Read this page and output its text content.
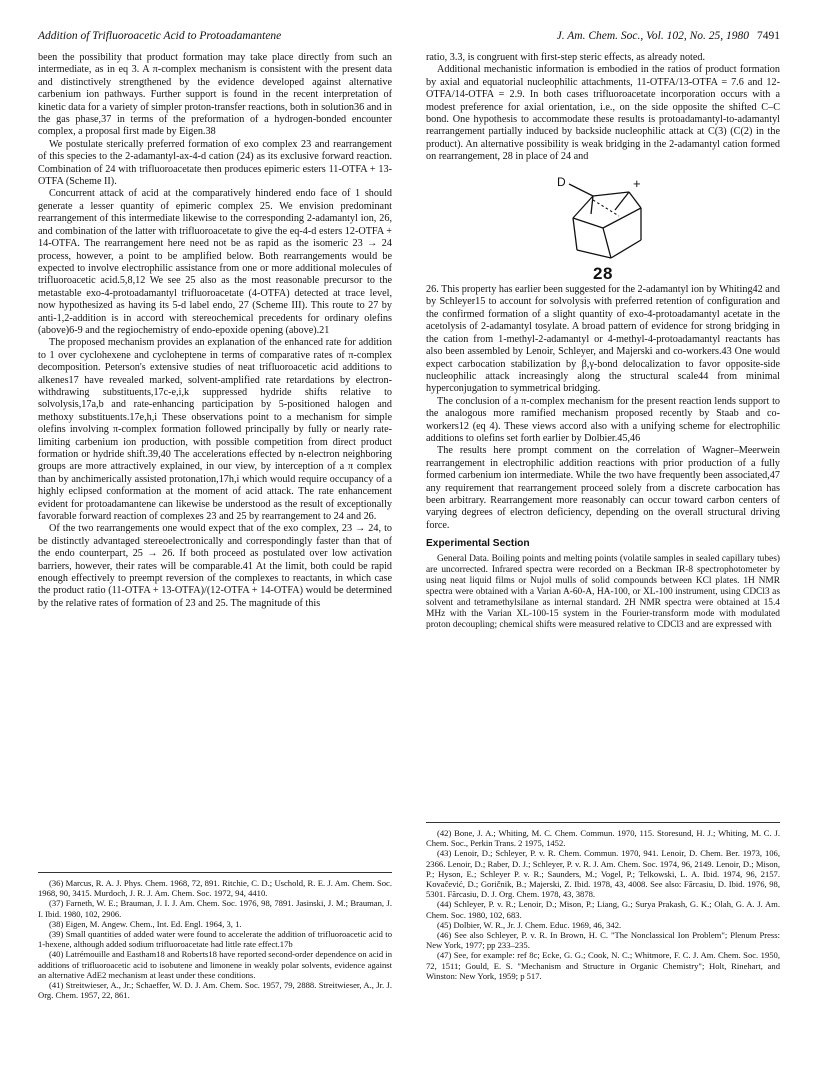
Addition of Trifluoroacetic Acid to Protoadamantene	J. Am. Chem. Soc., Vol. 102, No. 25, 1980 7491

been the possibility that product formation may take place directly from such an intermediate, as in eq 3. A π-complex mechanism is consistent with the present data and distinctively strengthened by the evidence developed against alternative carbenium ion pathways. Further support is found in the recent interpretation of kinetic data for a variety of simpler proton-transfer reactions, both in solution36 and in the gas phase,37 in terms of the preformation of a hydrogen-bonded encounter complex, a proposal first made by Eigen.38

We postulate sterically preferred formation of exo complex 23 and rearrangement of this species to the 2-adamantyl-ax-4-d cation (24) as its exclusive forward reaction. Combination of 24 with trifluoroacetate then produces epimeric esters 11-OTFA + 13-OTFA (Scheme II).

Concurrent attack of acid at the comparatively hindered endo face of 1 should generate a lesser quantity of epimeric complex 25. We envision predominant rearrangement of this intermediate likewise to the corresponding 2-adamantyl ion, 26, and combination of the latter with trifluoroacetate to give the eq-4-d esters 12-OTFA + 14-OTFA. The rearrangement here need not be as rapid as the isomeric 23 → 24 process, however, a point to be amplified below. Both rearrangements would be expected to involve electrophilic assistance from one or more additional molecules of trifluoroacetic acid.5,8,12 We see 25 also as the most reasonable precursor to the metastable exo-4-protoadamantyl trifluoroacetate (4-OTFA) detected at trace level, now hypothesized as having its 5-d label endo, 27 (Scheme III). This route to 27 by anti-1,2-addition is in accord with stereochemical precedents for ordinary olefins (above)6-9 and the regiochemistry of endo-epoxide opening (above).21

The proposed mechanism provides an explanation of the enhanced rate for addition to 1 over cyclohexene and cycloheptene in terms of comparative rates of π-complex decomposition. Peterson's extensive studies of neat trifluoroacetic acid additions to alkenes17 have revealed marked, solvent-amplified rate retardations by electron-withdrawing substituents,17c-e,i,k suppressed hydride shifts relative to solvolysis,17a,b and rate-enhancing participation by 5-positioned halogen and methoxy substituents.17e,h,i These observations point to a mechanism for simple olefins involving π-complex formation followed principally by fully or nearly rate-limiting carbenium ion production, with possible competition from direct product formation or hydride shift.39,40 The accelerations effected by n-electron neighboring groups are more attractively explained, in our view, by interception of a π complex than by anchimerically assisted protonation,17h,i which would require occupancy of a highly eclipsed conformation at the moment of acid attack. The rate enhancement evident for protoadamantene can likewise be understood as the result of exceptionally favorable forward reaction of complexes 23 and 25 by rearrangement to 24 and 26.

Of the two rearrangements one would expect that of the exo complex, 23 → 24, to be distinctly advantaged stereoelectronically and correspondingly faster than that of the endo counterpart, 25 → 26. If both proceed as postulated over low activation barriers, however, their rates will be comparable.41 At the limit, both could be rapid enough effectively to preempt reversion of the complexes to reactants, in which case the product ratio (11-OTFA + 13-OTFA)/(12-OTFA + 14-OTFA) would be determined by the relative rates of formation of 23 and 25. The magnitude of this

ratio, 3.3, is congruent with first-step steric effects, as already noted.

Additional mechanistic information is embodied in the ratios of product formation by axial and equatorial nucleophilic attachments, 11-OTFA/13-OTFA = 7.6 and 12-OTFA/14-OTFA = 2.9. In both cases trifluoroacetate incorporation occurs with a modest preference for axial orientation, i.e., on the side opposite the shifted C–C bond. One hypothesis to accommodate these results is protoadamantyl-to-adamantyl rearrangement partially induced by backside nucleophilic attack at C(3) (C(2) in the product). An alternative possibility is weak bridging in the 2-adamantyl cation formed on rearrangement, 28 in place of 24 and

D	+
28

26. This property has earlier been suggested for the 2-adamantyl ion by Whiting42 and by Schleyer15 to account for solvolysis with preferred retention of configuration and the confirmed formation of a slight quantity of exo-4-protoadamantyl acetate in the acetolysis of 2-adamantyl tosylate. A broad pattern of evidence for strong bridging in the cation from 1-methyl-2-adamantyl or 4-methyl-4-protoadamantyl reactants has also been assembled by Lenoir, Schleyer, and Majerski and co-workers.43 One would expect carbocation stabilization by β,γ-bond delocalization to favor opposite-side nucleophilic attack increasingly along the structural scale44 from minimal hyperconjugation to symmetrical bridging.

The conclusion of a π-complex mechanism for the present reaction lends support to the analogous more ramified mechanism proposed recently by Staab and co-workers12 (eq 4). These views accord also with a unifying scheme for electrophilic additions to olefins set forth earlier by Dolbier.45,46

The results here prompt comment on the correlation of Wagner–Meerwein rearrangement in electrophilic addition reactions with prior production of a fully formed carbenium ion intermediate. While the two have frequently been associated,47 any requirement that rearrangement proceed solely from a discrete carbocation has been arbitrary. Rearrangement more reasonably can occur toward carbon centers of varying degrees of electron deficiency, depending on the overall structural driving force.

Experimental Section

General Data. Boiling points and melting points (volatile samples in sealed capillary tubes) are uncorrected. Infrared spectra were recorded on a Beckman IR-8 spectrophotometer by using neat liquid films or Nujol mulls of solid compounds between KCl plates. 1H NMR spectra were obtained with a Varian A-60-A, HA-100, or XL-100 instrument, using CDCl3 as solvent and tetramethylsilane as internal standard. 2H NMR spectra were obtained at 15.4 MHz with the Varian XL-100-15 system in the Fourier-transform mode with modulated proton decoupling; chemical shifts were measured relative to CDCl3 and are expressed with

(36) Marcus, R. A. J. Phys. Chem. 1968, 72, 891. Ritchie, C. D.; Uschold, R. E. J. Am. Chem. Soc. 1968, 90, 3415. Murdoch, J. R. J. Am. Chem. Soc. 1972, 94, 4410.

(37) Farneth, W. E.; Brauman, J. I. J. Am. Chem. Soc. 1976, 98, 7891. Jasinski, J. M.; Brauman, J. I. Ibid. 1980, 102, 2906.

(38) Eigen, M. Angew. Chem., Int. Ed. Engl. 1964, 3, 1.

(39) Small quantities of added water were found to accelerate the addition of trifluoroacetic acid to 1-hexene, although added sodium trifluoroacetate had little rate effect.17b

(40) Latrémouille and Eastham18 and Roberts18 have reported second-order dependence on acid in additions of trifluoroacetic acid to isobutene and limonene in weakly polar solvents, evidence against an alternative AdE2 mechanism at least under these conditions.

(41) Streitwieser, A., Jr.; Schaeffer, W. D. J. Am. Chem. Soc. 1957, 79, 2888. Streitwieser, A., Jr. J. Org. Chem. 1957, 22, 861.

(42) Bone, J. A.; Whiting, M. C. Chem. Commun. 1970, 115. Storesund, H. J.; Whiting, M. C. J. Chem. Soc., Perkin Trans. 2 1975, 1452.

(43) Lenoir, D.; Schleyer, P. v. R. Chem. Commun. 1970, 941. Lenoir, D. Chem. Ber. 1973, 106, 2366. Lenoir, D.; Raber, D. J.; Schleyer, P. v. R. J. Am. Chem. Soc. 1974, 96, 2149. Lenoir, D.; Mison, P.; Hyson, E.; Schleyer P. v. R.; Saunders, M.; Vogel, P.; Telkowski, L. A. Ibid. 1974, 96, 2157. Kovačević, D.; Goričnik, B.; Majerski, Z. Ibid. 1978, 43, 4008. See also: Fărcasiu, D. Ibid. 1976, 98, 5301. Fărcasiu, D. J. Org. Chem. 1978, 43, 3878.

(44) Schleyer, P. v. R.; Lenoir, D.; Mison, P.; Liang, G.; Surya Prakash, G. K.; Olah, G. A. J. Am. Chem. Soc. 1980, 102, 683.

(45) Dolbier, W. R., Jr. J. Chem. Educ. 1969, 46, 342.

(46) See also Schleyer, P. v. R. In Brown, H. C. "The Nonclassical Ion Problem"; Plenum Press: New York, 1977; pp 233–235.

(47) See, for example: ref 8c; Ecke, G. G.; Cook, N. C.; Whitmore, F. C. J. Am. Chem. Soc. 1950, 72, 1511; Gould, E. S. "Mechanism and Structure in Organic Chemistry"; Holt, Rinehart, and Winston: New York, 1959; p 517.
